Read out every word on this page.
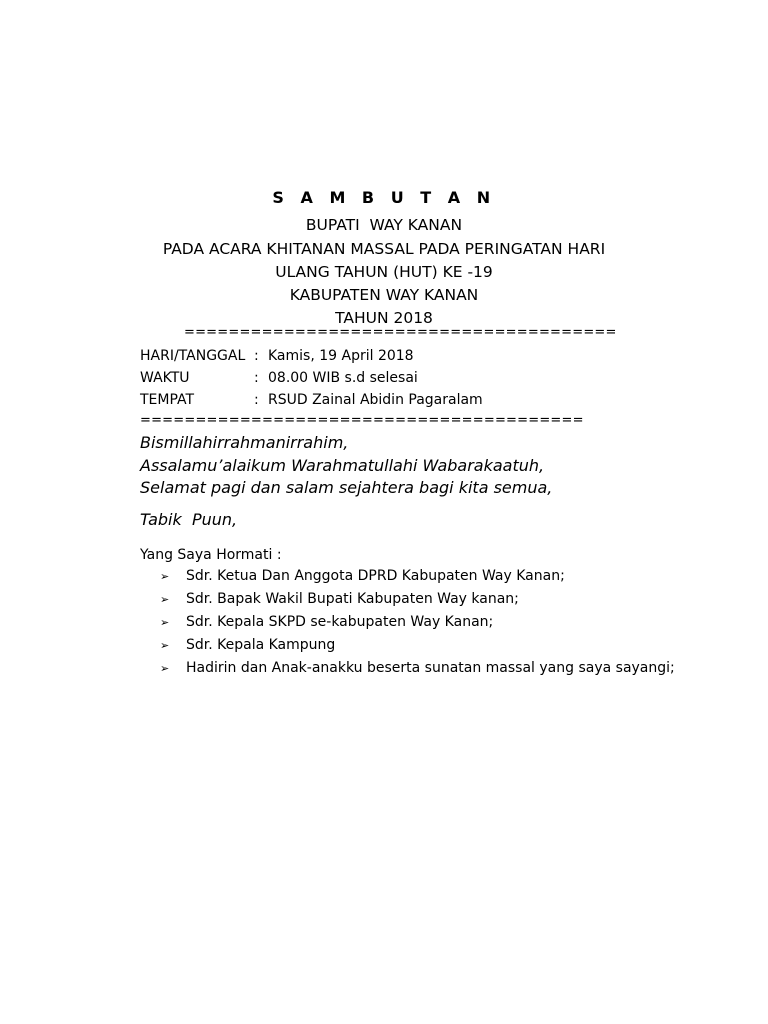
S A M B U T A N
BUPATI  WAY KANAN
PADA ACARA KHITANAN MASSAL PADA PERINGATAN HARI
ULANG TAHUN (HUT) KE -19
KABUPATEN WAY KANAN
TAHUN 2018
=======================================
HARI/TANGGAL : Kamis, 19 April 2018
WAKTU	: 08.00 WIB s.d selesai
TEMPAT	: RSUD Zainal Abidin Pagaralam
========================================
Bismillahirrahmanirrahim,
Assalamu’alaikum Warahmatullahi Wabarakaatuh,
Selamat pagi dan salam sejahtera bagi kita semua,
Tabik  Puun,
Yang Saya Hormati :
➢ Sdr. Ketua Dan Anggota DPRD Kabupaten Way Kanan;
➢ Sdr. Bapak Wakil Bupati Kabupaten Way kanan;
➢ Sdr. Kepala SKPD se-kabupaten Way Kanan;
➢ Sdr. Kepala Kampung
➢ Hadirin dan Anak-anakku beserta sunatan massal yang saya sayangi;
